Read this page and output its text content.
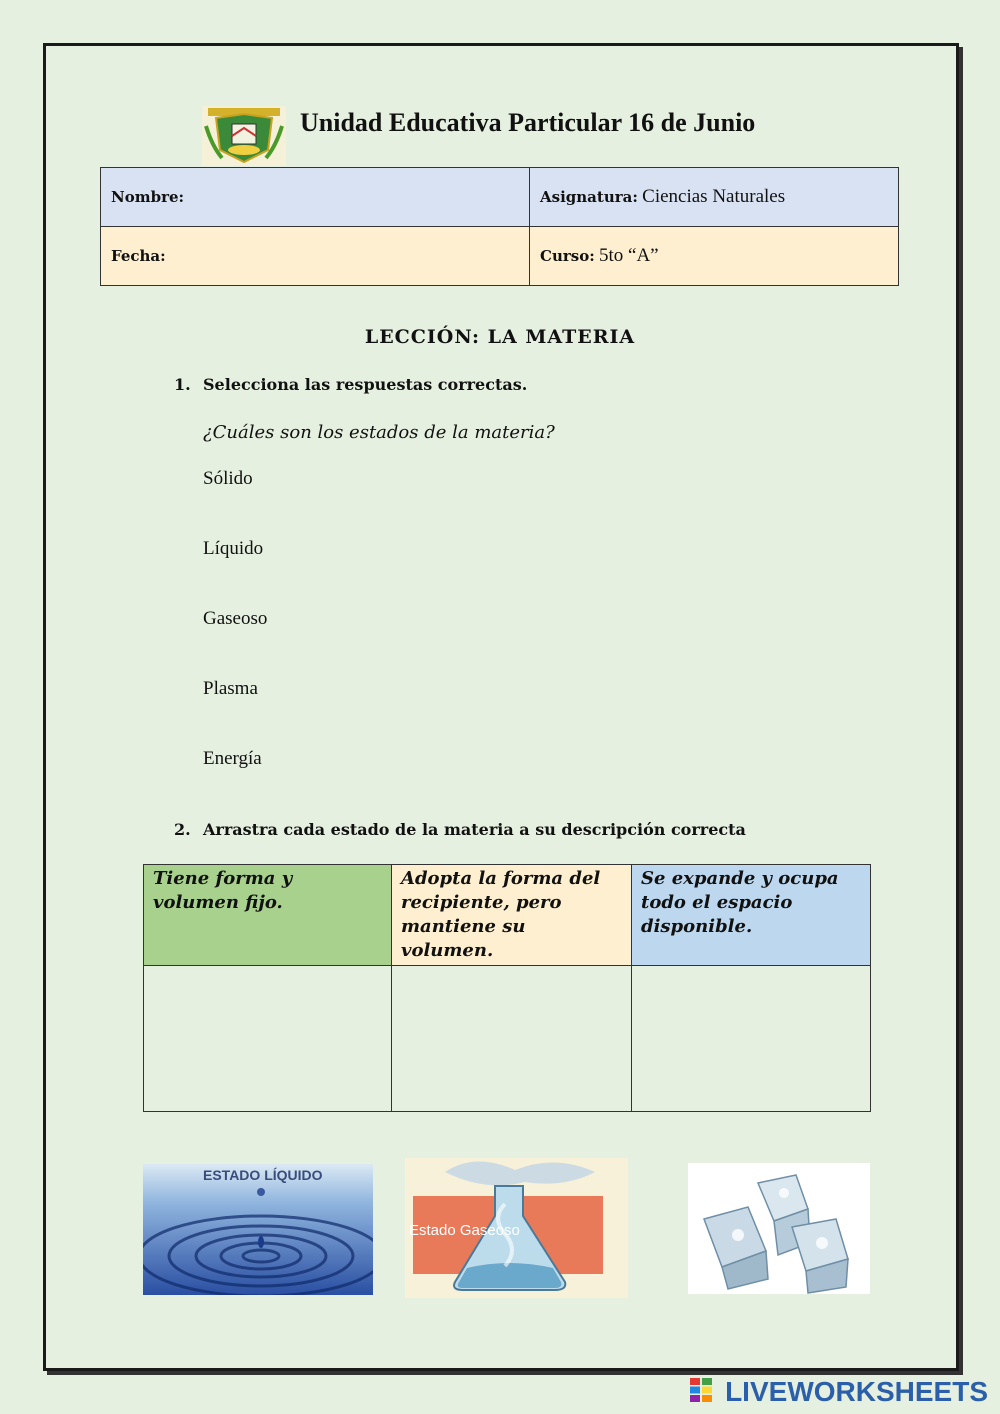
Unidad Educativa Particular 16 de Junio
Nombre:	Asignatura: Ciencias Naturales
Fecha:	Curso: 5to “A”
LECCIÓN: LA MATERIA
1. Selecciona las respuestas correctas.
¿Cuáles son los estados de la materia?
Sólido
Líquido
Gaseoso
Plasma
Energía
2. Arrastra cada estado de la materia a su descripción correcta
Tiene forma y volumen fijo.	Adopta la forma del recipiente, pero mantiene su volumen.	Se expande y ocupa todo el espacio disponible.

ESTADO LÍQUIDO
Estado Gaseoso
LIVEWORKSHEETS
